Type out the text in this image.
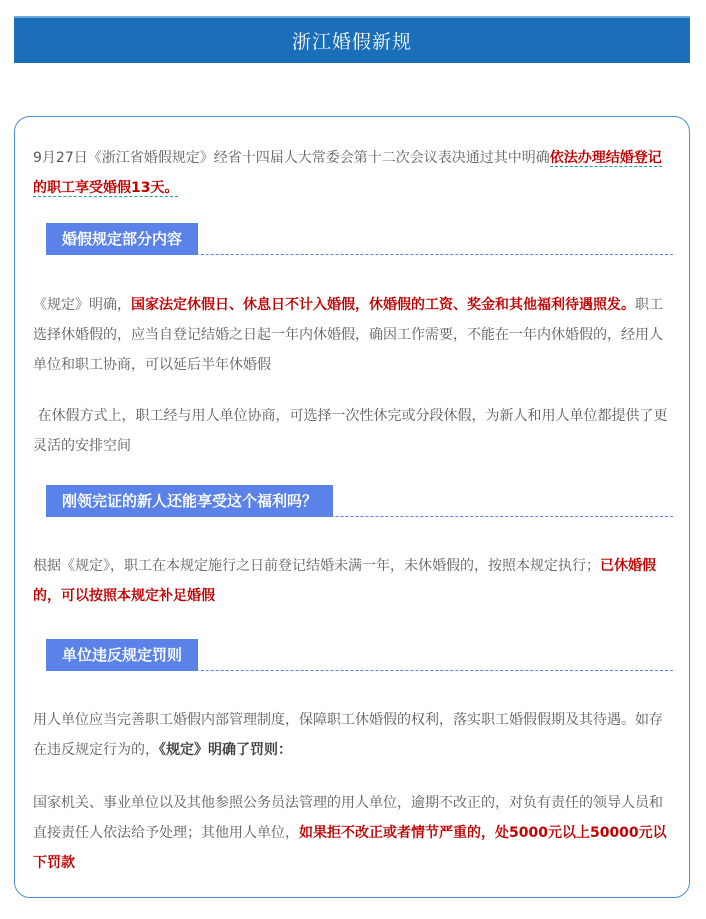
浙江婚假新规
9月27日《浙江省婚假规定》经省十四届人大常委会第十二次会议表决通过其中明确依法办理结婚登记的职工享受婚假13天。
婚假规定部分内容
《规定》明确，国家法定休假日、休息日不计入婚假，休婚假的工资、奖金和其他福利待遇照发。职工选择休婚假的，应当自登记结婚之日起一年内休婚假，确因工作需要，不能在一年内休婚假的，经用人单位和职工协商，可以延后半年休婚假
在休假方式上，职工经与用人单位协商，可选择一次性休完或分段休假，为新人和用人单位都提供了更灵活的安排空间
刚领完证的新人还能享受这个福利吗？
根据《规定》，职工在本规定施行之日前登记结婚未满一年，未休婚假的，按照本规定执行；已休婚假的，可以按照本规定补足婚假
单位违反规定罚则
用人单位应当完善职工婚假内部管理制度，保障职工休婚假的权利，落实职工婚假假期及其待遇。如存在违反规定行为的，《规定》明确了罚则：
国家机关、事业单位以及其他参照公务员法管理的用人单位，逾期不改正的，对负有责任的领导人员和直接责任人依法给予处理；其他用人单位，如果拒不改正或者情节严重的，处5000元以上50000元以下罚款
